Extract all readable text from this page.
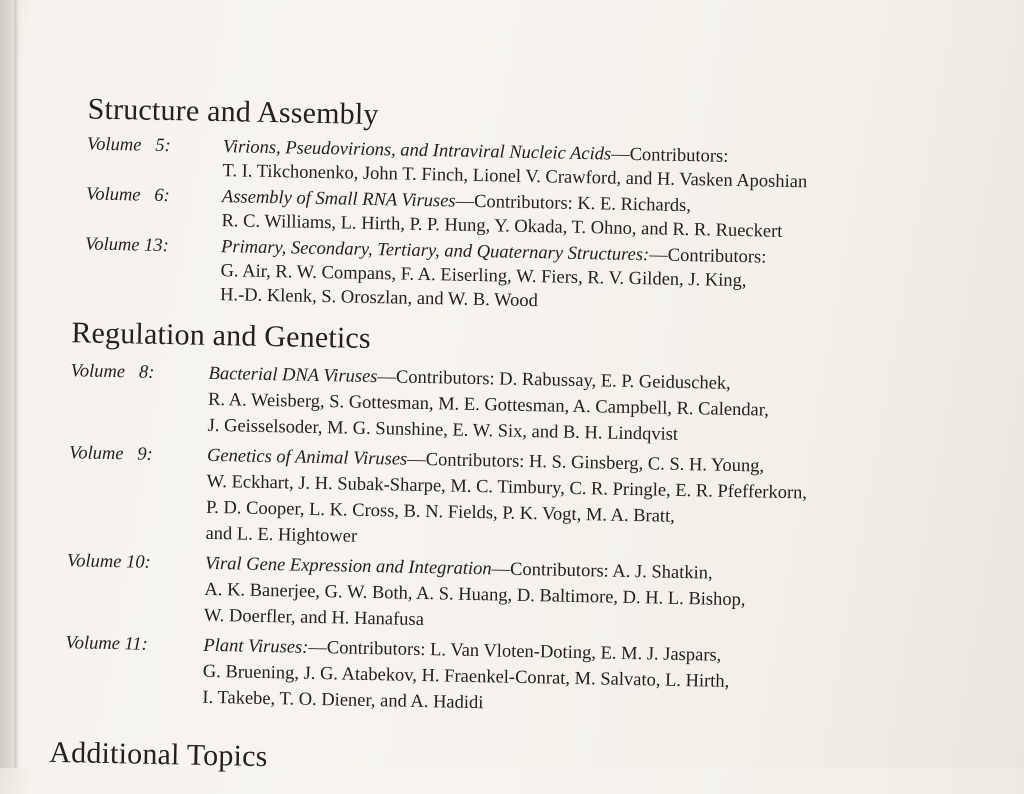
Structure and Assembly
Volume   5:	Virions, Pseudovirions, and Intraviral Nucleic Acids—Contributors:
T. I. Tikchonenko, John T. Finch, Lionel V. Crawford, and H. Vasken Aposhian
Volume   6:	Assembly of Small RNA Viruses—Contributors: K. E. Richards,
R. C. Williams, L. Hirth, P. P. Hung, Y. Okada, T. Ohno, and R. R. Rueckert
Volume 13:	Primary, Secondary, Tertiary, and Quaternary Structures:—Contributors:
G. Air, R. W. Compans, F. A. Eiserling, W. Fiers, R. V. Gilden, J. King,
H.-D. Klenk, S. Oroszlan, and W. B. Wood
Regulation and Genetics
Volume   8:	Bacterial DNA Viruses—Contributors: D. Rabussay, E. P. Geiduschek,
R. A. Weisberg, S. Gottesman, M. E. Gottesman, A. Campbell, R. Calendar,
J. Geisselsoder, M. G. Sunshine, E. W. Six, and B. H. Lindqvist
Volume   9:	Genetics of Animal Viruses—Contributors: H. S. Ginsberg, C. S. H. Young,
W. Eckhart, J. H. Subak-Sharpe, M. C. Timbury, C. R. Pringle, E. R. Pfefferkorn,
P. D. Cooper, L. K. Cross, B. N. Fields, P. K. Vogt, M. A. Bratt,
and L. E. Hightower
Volume 10:	Viral Gene Expression and Integration—Contributors: A. J. Shatkin,
A. K. Banerjee, G. W. Both, A. S. Huang, D. Baltimore, D. H. L. Bishop,
W. Doerfler, and H. Hanafusa
Volume 11:	Plant Viruses:—Contributors: L. Van Vloten-Doting, E. M. J. Jaspars,
G. Bruening, J. G. Atabekov, H. Fraenkel-Conrat, M. Salvato, L. Hirth,
I. Takebe, T. O. Diener, and A. Hadidi
Additional Topics
